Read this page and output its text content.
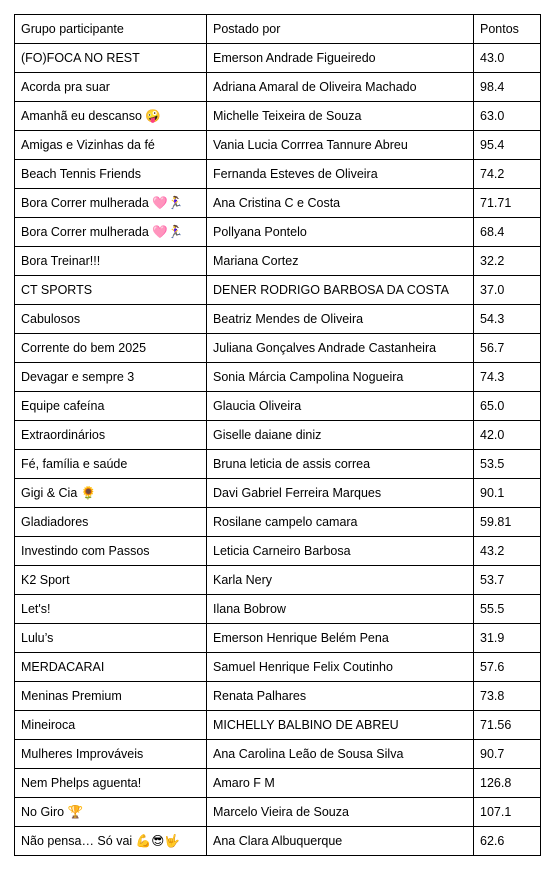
Grupo participante	Postado por	Pontos
(FO)FOCA NO REST	Emerson Andrade Figueiredo	43.0
Acorda pra suar	Adriana Amaral de Oliveira Machado	98.4
Amanhã eu descanso 🤪	Michelle Teixeira de Souza	63.0
Amigas e Vizinhas da fé	Vania Lucia Corrrea Tannure Abreu	95.4
Beach Tennis Friends	Fernanda Esteves de Oliveira	74.2
Bora Correr mulherada 🩷🏃‍♀️	Ana Cristina C e Costa	71.71
Bora Correr mulherada 🩷🏃‍♀️	Pollyana Pontelo	68.4
Bora Treinar!!!	Mariana Cortez	32.2
CT SPORTS	DENER RODRIGO BARBOSA DA COSTA	37.0
Cabulosos	Beatriz Mendes de Oliveira	54.3
Corrente do bem 2025	Juliana Gonçalves Andrade Castanheira	56.7
Devagar e sempre 3	Sonia Márcia Campolina Nogueira	74.3
Equipe cafeína	Glaucia Oliveira	65.0
Extraordinários	Giselle daiane diniz	42.0
Fé, família e saúde	Bruna leticia de assis correa	53.5
Gigi & Cia 🌻	Davi Gabriel Ferreira Marques	90.1
Gladiadores	Rosilane campelo camara	59.81
Investindo com Passos	Leticia Carneiro Barbosa	43.2
K2 Sport	Karla Nery	53.7
Let's!	Ilana Bobrow	55.5
Lulu’s	Emerson Henrique Belém Pena	31.9
MERDACARAI	Samuel Henrique Felix Coutinho	57.6
Meninas Premium	Renata Palhares	73.8
Mineiroca	MICHELLY BALBINO DE ABREU	71.56
Mulheres Improváveis	Ana Carolina Leão de Sousa Silva	90.7
Nem Phelps aguenta!	Amaro F M	126.8
No Giro 🏆	Marcelo Vieira de Souza	107.1
Não pensa… Só vai 💪😎🤟	Ana Clara Albuquerque	62.6
